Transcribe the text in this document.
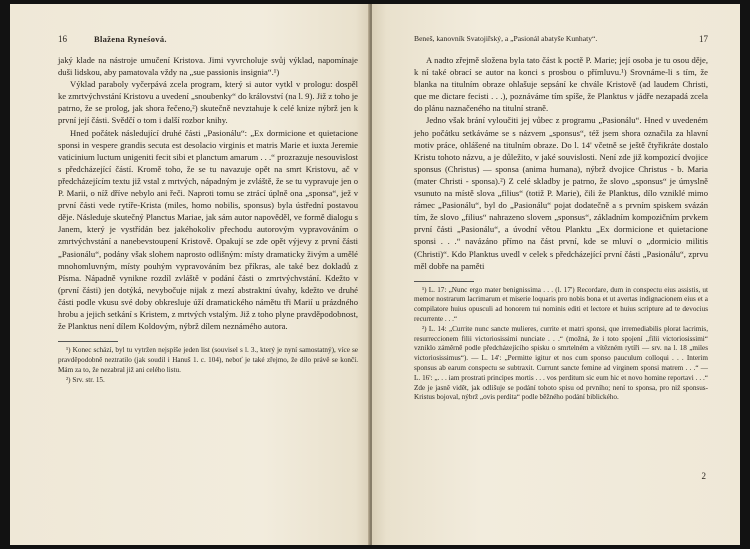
16	Blažena Ryneśová.

jaký klade na nástroje umučení Kristova. Jimi vyvrcholuje svůj výklad, napomínaje duši lidskou, aby pamatovala vždy na „sue passionis insignia“.¹)

Výklad paraboly vyčerpává zcela program, který si autor vytkl v prologu: dospěl ke zmrtvýchvstání Kristovu a uvedení „snoubenky“ do království (na l. 9). Již z toho je patrno, že se prolog, jak shora řečeno,²) skutečně nevztahuje k celé knize nýbrž jen k první její části. Svědčí o tom i další rozbor knihy.

Hned počátek následující druhé části „Pasionálu“: „Ex dormicione et quietacione sponsi in vespere grandis secuta est desolacio virginis et matris Marie et iuxta Jeremie vaticinium luctum unigeniti fecit sibi et planctum amarum . . .“ prozrazuje nesouvislost s předcházející částí. Kromě toho, že se tu navazuje opět na smrt Kristovu, ač v předcházejícím textu již vstal z mrtvých, nápadným je zvláště, že se tu vypravuje jen o P. Marii, o níž dříve nebylo ani řeči. Naproti tomu se ztrácí úplně ona „sponsa“, jež v první části vede rytíře-Krista (miles, homo nobilis, sponsus) byla ústřední postavou děje. Následuje skutečný Planctus Mariae, jak sám autor napověděl, ve formě dialogu s Janem, který je vystřídán bez jakéhokoliv přechodu autorovým vypravováním o zmrtvýchvstání a nanebevstoupení Kristově. Opakují se zde opět výjevy z první části „Pasionálu“, podány však slohem naprosto odlišným: místy dramaticky živým a umělé mnohomluvným, místy pouhým vypravováním bez příkras, ale také bez dokladů z Písma. Nápadně vynikne rozdíl zvláště v podání části o zmrtvýchvstání. Kdežto v (první části) jen dotýká, nevybočuje nijak z mezí abstraktní úvahy, kdežto ve druhé části podle vkusu své doby obkresluje úží dramatického námětu tři Marií u prázdného hrobu a jejich setkání s Kristem, z mrtvých vstalým. Již z toho plyne pravděpodobnost, že Planktus není dílem Koldovým, nýbrž dílem neznámého autora.

¹) Konec schází, byl tu vytržen nejspíše jeden list (souvisel s l. 3., který je nyní samostatný), více se pravděpodobně neztratilo (jak soudil i Hanuš 1. c. 104), neboť je také zřejmo, že dílo právě se končí. Mám za to, že nezabral již ani celého listu.

²) Srv. str. 15.

Beneš, kanovník Svatojiřský, a „Pasionál abatyše Kunhaty“.	17

A nadto zřejmě složena byla tato část k poctě P. Marie; její osoba je tu osou děje, k ní také obrací se autor na konci s prosbou o přímluvu.¹) Srovnáme-li s tím, že blanka na titulním obraze ohlašuje sepsání ke chvále Kristově (ad laudem Christi, que me dictare fecisti . . .), poznáváme tím spíše, že Planktus v jádře nezapadá zcela do plánu naznačeného na titulní straně.

Jedno však brání vyloučiti jej vůbec z programu „Pasionálu“. Hned v uvedeném jeho počátku setkáváme se s názvem „sponsus“, též jsem shora označila za hlavní motiv práce, ohlášené na titulním obraze. Do l. 14' včetně se ještě čtyřikráte dostalo Kristu tohoto názvu, a je důležito, v jaké souvislosti. Není zde již kompozicí dvojice sponsus (Christus) — sponsa (anima humana), nýbrž dvojice Christus - b. Maria (mater Christi - sponsa).²) Z celé skladby je patrno, že slovo „sponsus“ je úmyslně vsunuto na místě slova „filius“ (totiž P. Marie), čili že Planktus, dílo vzniklé mimo rámec „Pasionálu“, byl do „Pasionálu“ pojat dodatečně a s prvním spiskem svázán tím, že slovo „filius“ nahrazeno slovem „sponsus“, základním kompozičním prvkem první části „Pasionálu“, a úvodní větou Planktu „Ex dormicione et quietacione sponsi . . .“ navázáno přímo na část první, kde se mluví o „dormicio militis (Christi)“. Kdo Planktus uvedl v celek s předcházející první části „Pasionálu“, zprvu měl dobře na paměti

¹) L. 17: „Nunc ergo mater benignissima . . . (l. 17') Recordare, dum in conspectu eius assistis, ut memor nostrarum lacrimarum et miserie loquaris pro nobis bona et ut avertas indignacionem eius et a compilatore huius opusculi ad honorem tui nominis editi et lectore et huius scripture ad te devocius recurrente . . .“

²) L. 14: „Currite nunc sancte mulieres, currite et matri sponsi, que irremediabilis plorat lacrimis, resurreccionem filii victoriosissimi nunciate . . .“ (možná, že i toto spojení „filii victoriosissimi“ vzniklo záměrně podle předcházejícího spisku o smrtelném a vítězném rytíři — srv. na l. 18 „miles victoriosissimus“). — L. 14': „Permitte igitur et nos cum sponso pauculum colloqui . . . Interim sponsus ab earum conspectu se subtraxit. Currunt sancte femine ad virginem sponsi matrem . . .“ — L. 16': „. . . iam prostrati principes mortis . . . vos perditum sic eum hic et novo homine reportavi . . .“ Zde je jasně vidět, jak odlišuje se podání tohoto spisu od prvního; není to sponsa, pro niž sponsus-Kristus bojoval, nýbrž „ovis perdita“ podle běžného podání biblického.

2
